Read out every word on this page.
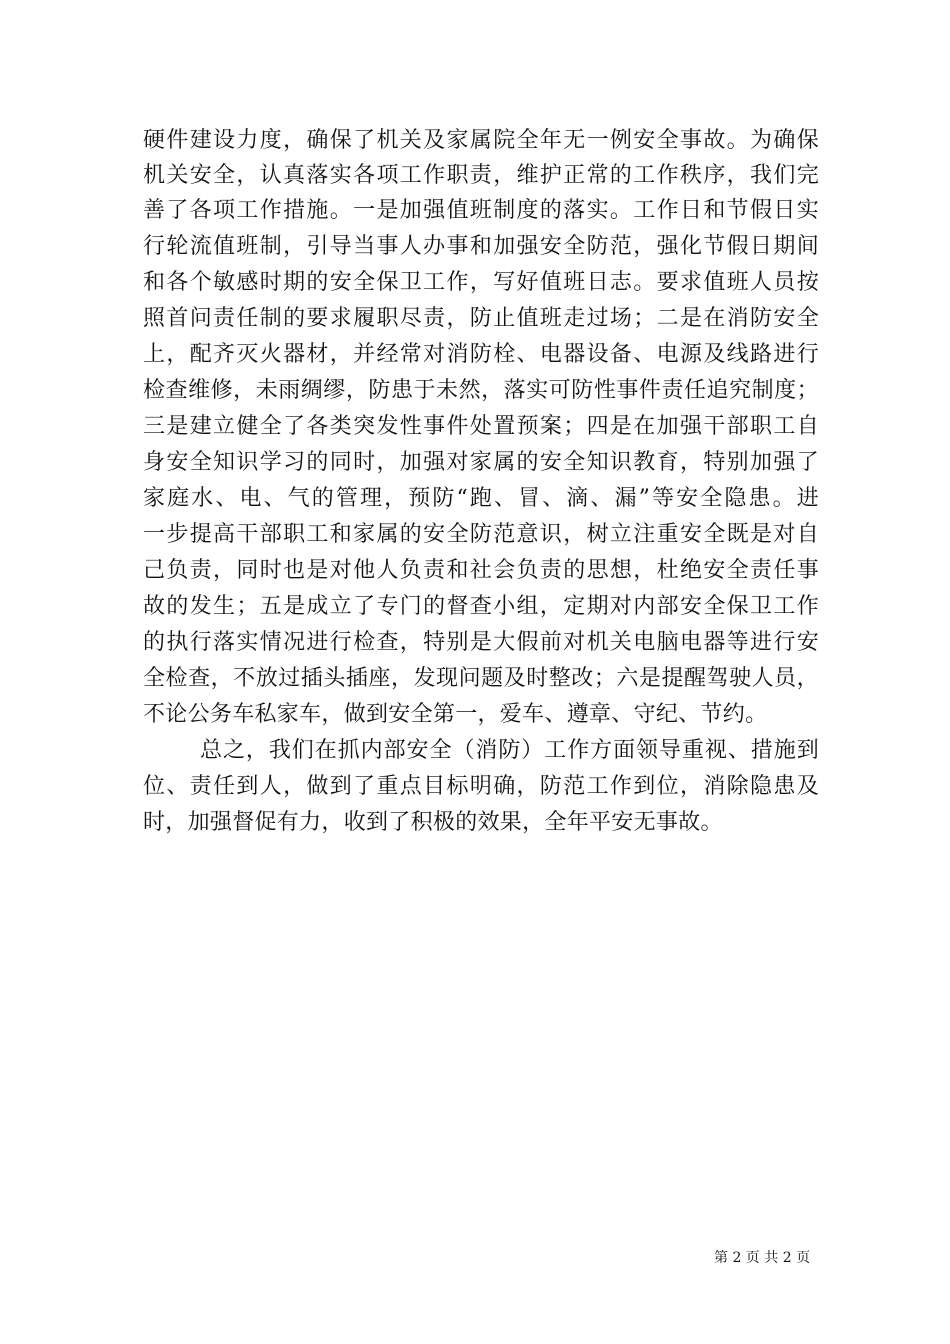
硬件建设力度，确保了机关及家属院全年无一例安全事故。为确保
机关安全，认真落实各项工作职责，维护正常的工作秩序，我们完
善了各项工作措施。一是加强值班制度的落实。工作日和节假日实
行轮流值班制，引导当事人办事和加强安全防范，强化节假日期间
和各个敏感时期的安全保卫工作，写好值班日志。要求值班人员按
照首问责任制的要求履职尽责，防止值班走过场；二是在消防安全
上，配齐灭火器材，并经常对消防栓、电器设备、电源及线路进行
检查维修，未雨绸缪，防患于未然，落实可防性事件责任追究制度；
三是建立健全了各类突发性事件处置预案；四是在加强干部职工自
身安全知识学习的同时，加强对家属的安全知识教育，特别加强了
家庭水、电、气的管理，预防“跑、冒、滴、漏”等安全隐患。进
一步提高干部职工和家属的安全防范意识，树立注重安全既是对自
己负责，同时也是对他人负责和社会负责的思想，杜绝安全责任事
故的发生；五是成立了专门的督查小组，定期对内部安全保卫工作
的执行落实情况进行检查，特别是大假前对机关电脑电器等进行安
全检查，不放过插头插座，发现问题及时整改；六是提醒驾驶人员，
不论公务车私家车，做到安全第一，爱车、遵章、守纪、节约。
总之，我们在抓内部安全（消防）工作方面领导重视、措施到
位、责任到人，做到了重点目标明确，防范工作到位，消除隐患及
时，加强督促有力，收到了积极的效果，全年平安无事故。
第 2 页 共 2 页
